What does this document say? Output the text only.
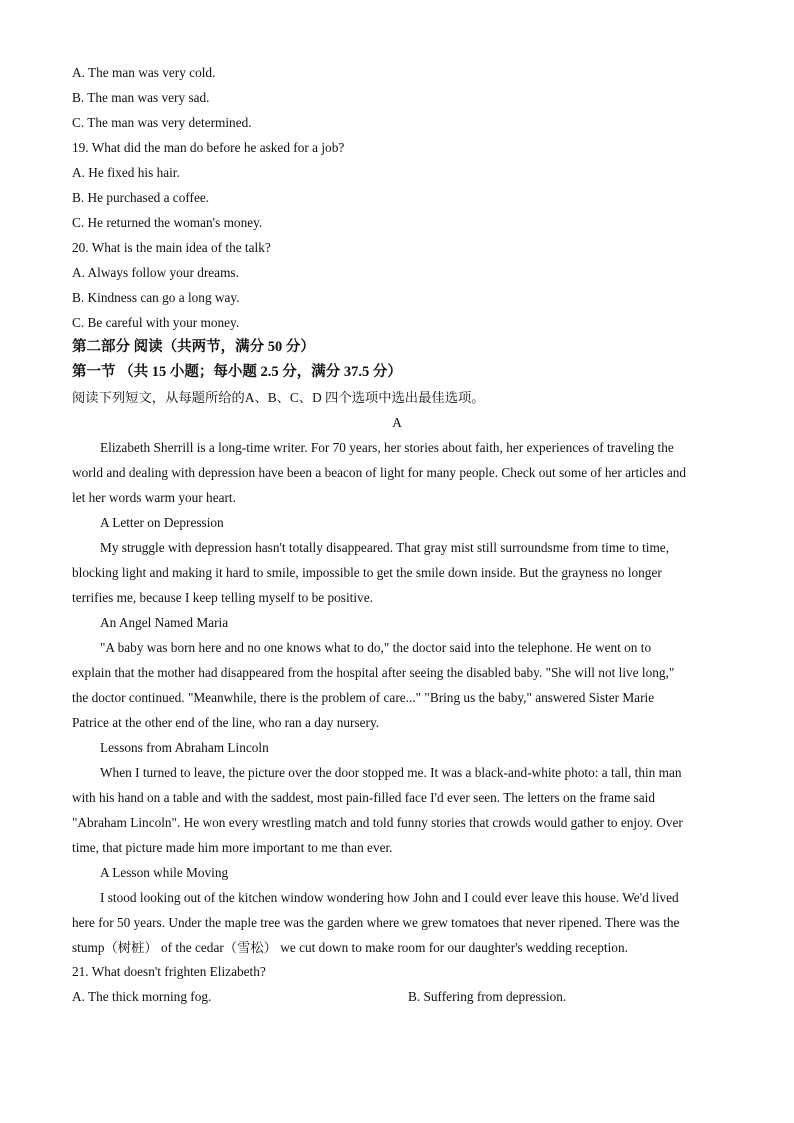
A. The man was very cold.
B. The man was very sad.
C. The man was very determined.
19. What did the man do before he asked for a job?
A. He fixed his hair.
B. He purchased a coffee.
C. He returned the woman's money.
20. What is the main idea of the talk?
A. Always follow your dreams.
B. Kindness can go a long way.
C. Be careful with your money.
第二部分 阅读（共两节，满分 50 分）
第一节 （共 15 小题；每小题 2.5 分，满分 37.5 分）
阅读下列短文，从每题所给的A、B、C、D 四个选项中选出最佳选项。
A
Elizabeth Sherrill is a long-time writer. For 70 years, her stories about faith, her experiences of traveling the
world and dealing with depression have been a beacon of light for many people. Check out some of her articles and
let her words warm your heart.
A Letter on Depression
My struggle with depression hasn't totally disappeared. That gray mist still surroundsme from time to time,
blocking light and making it hard to smile, impossible to get the smile down inside. But the grayness no longer
terrifies me, because I keep telling myself to be positive.
An Angel Named Maria
"A baby was born here and no one knows what to do," the doctor said into the telephone. He went on to
explain that the mother had disappeared from the hospital after seeing the disabled baby. "She will not live long,"
the doctor continued. "Meanwhile, there is the problem of care..." "Bring us the baby," answered Sister Marie
Patrice at the other end of the line, who ran a day nursery.
Lessons from Abraham Lincoln
When I turned to leave, the picture over the door stopped me. It was a black-and-white photo: a tall, thin man
with his hand on a table and with the saddest, most pain-filled face I'd ever seen. The letters on the frame said
"Abraham Lincoln". He won every wrestling match and told funny stories that crowds would gather to enjoy. Over
time, that picture made him more important to me than ever.
A Lesson while Moving
I stood looking out of the kitchen window wondering how John and I could ever leave this house. We'd lived
here for 50 years. Under the maple tree was the garden where we grew tomatoes that never ripened. There was the
stump（树桩） of the cedar（雪松） we cut down to make room for our daughter's wedding reception.
21. What doesn't frighten Elizabeth?
A. The thick morning fog.	B. Suffering from depression.
